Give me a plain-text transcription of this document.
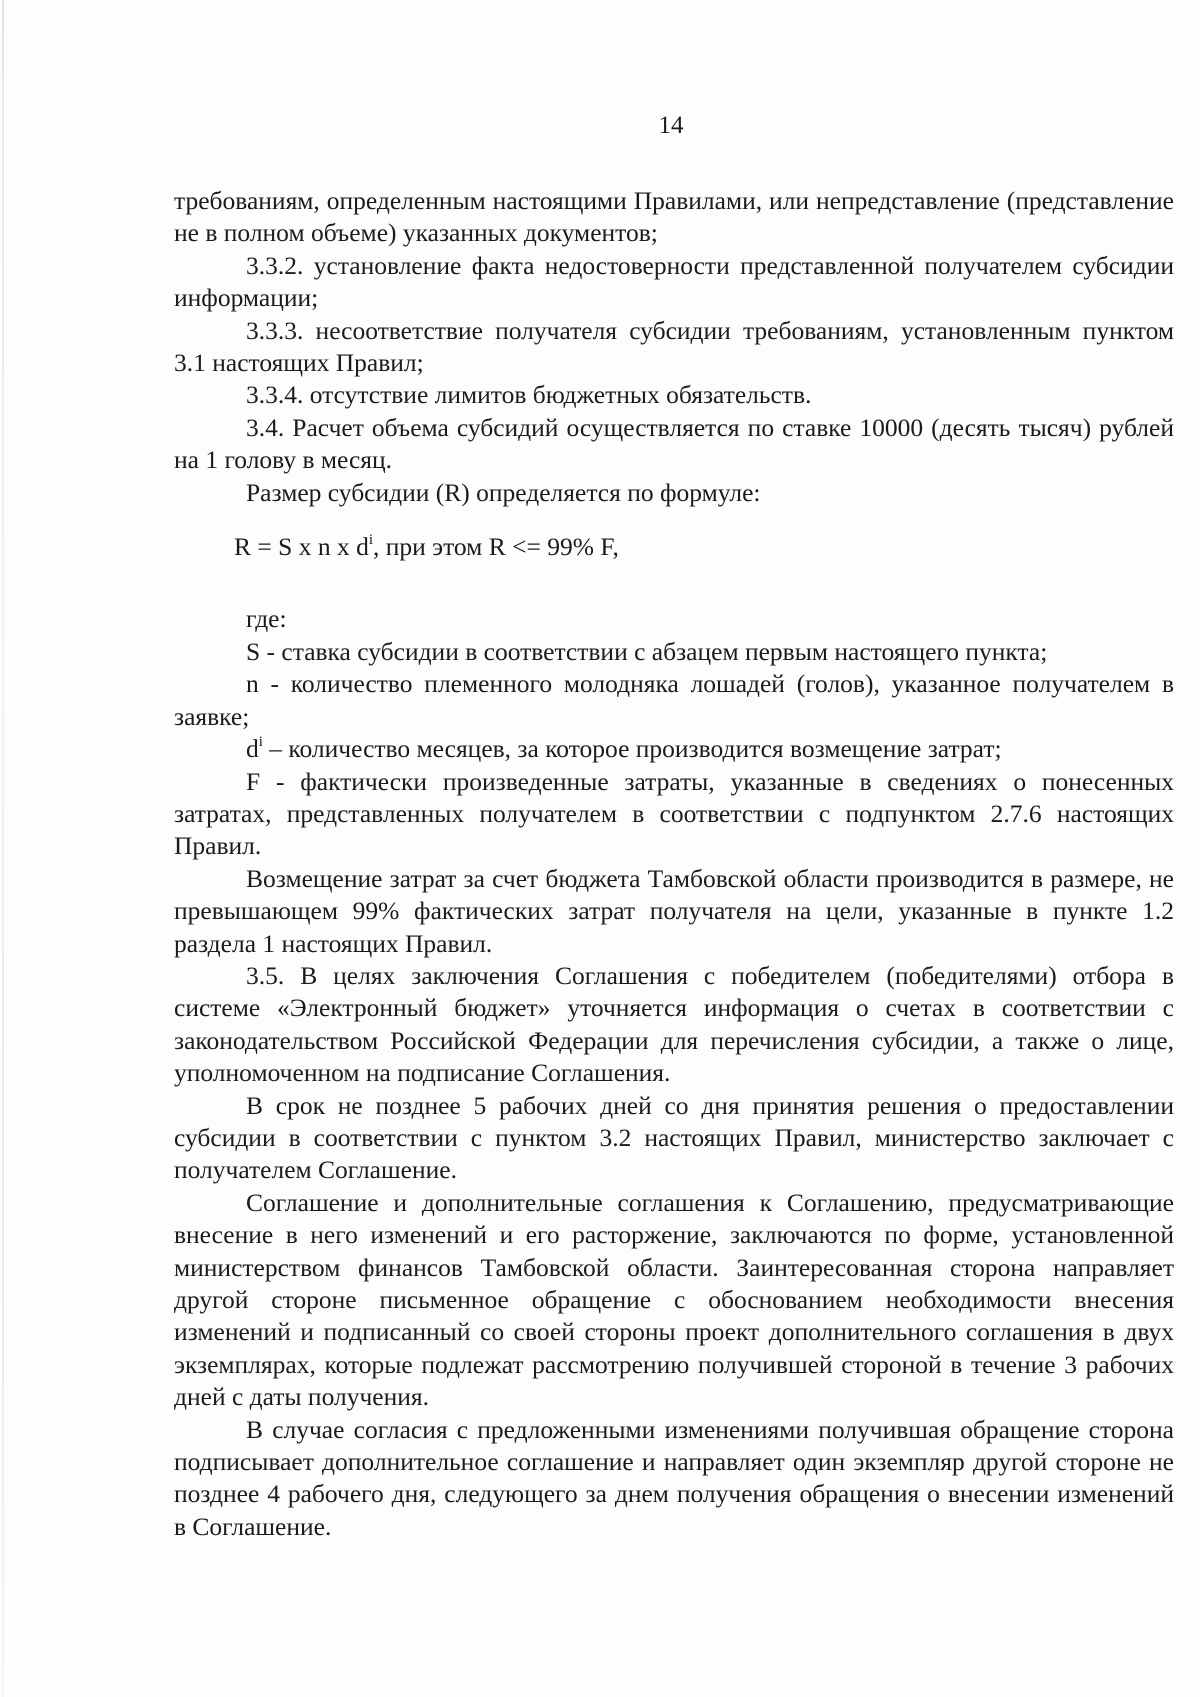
14

требованиям, определенным настоящими Правилами, или непредставление (представление не в полном объеме) указанных документов;

3.3.2. установление факта недостоверности представленной получателем субсидии информации;

3.3.3. несоответствие получателя субсидии требованиям, установленным пунктом 3.1 настоящих Правил;

3.3.4. отсутствие лимитов бюджетных обязательств.

3.4. Расчет объема субсидий осуществляется по ставке 10000 (десять тысяч) рублей на 1 голову в месяц.

Размер субсидии (R) определяется по формуле:

R = S x n x $d^i$, при этом R <= 99% F,

где:

S - ставка субсидии в соответствии с абзацем первым настоящего пункта;

n - количество племенного молодняка лошадей (голов), указанное получателем в заявке;

$d^i$ – количество месяцев, за которое производится возмещение затрат;

F - фактически произведенные затраты, указанные в сведениях о понесенных затратах, представленных получателем в соответствии с подпунктом 2.7.6 настоящих Правил.

Возмещение затрат за счет бюджета Тамбовской области производится в размере, не превышающем 99% фактических затрат получателя на цели, указанные в пункте 1.2 раздела 1 настоящих Правил.

3.5. В целях заключения Соглашения с победителем (победителями) отбора в системе «Электронный бюджет» уточняется информация о счетах в соответствии с законодательством Российской Федерации для перечисления субсидии, а также о лице, уполномоченном на подписание Соглашения.

В срок не позднее 5 рабочих дней со дня принятия решения о предоставлении субсидии в соответствии с пунктом 3.2 настоящих Правил, министерство заключает с получателем Соглашение.

Соглашение и дополнительные соглашения к Соглашению, предусматривающие внесение в него изменений и его расторжение, заключаются по форме, установленной министерством финансов Тамбовской области. Заинтересованная сторона направляет другой стороне письменное обращение с обоснованием необходимости внесения изменений и подписанный со своей стороны проект дополнительного соглашения в двух экземплярах, которые подлежат рассмотрению получившей стороной в течение 3 рабочих дней с даты получения.

В случае согласия с предложенными изменениями получившая обращение сторона подписывает дополнительное соглашение и направляет один экземпляр другой стороне не позднее 4 рабочего дня, следующего за днем получения обращения о внесении изменений в Соглашение.
